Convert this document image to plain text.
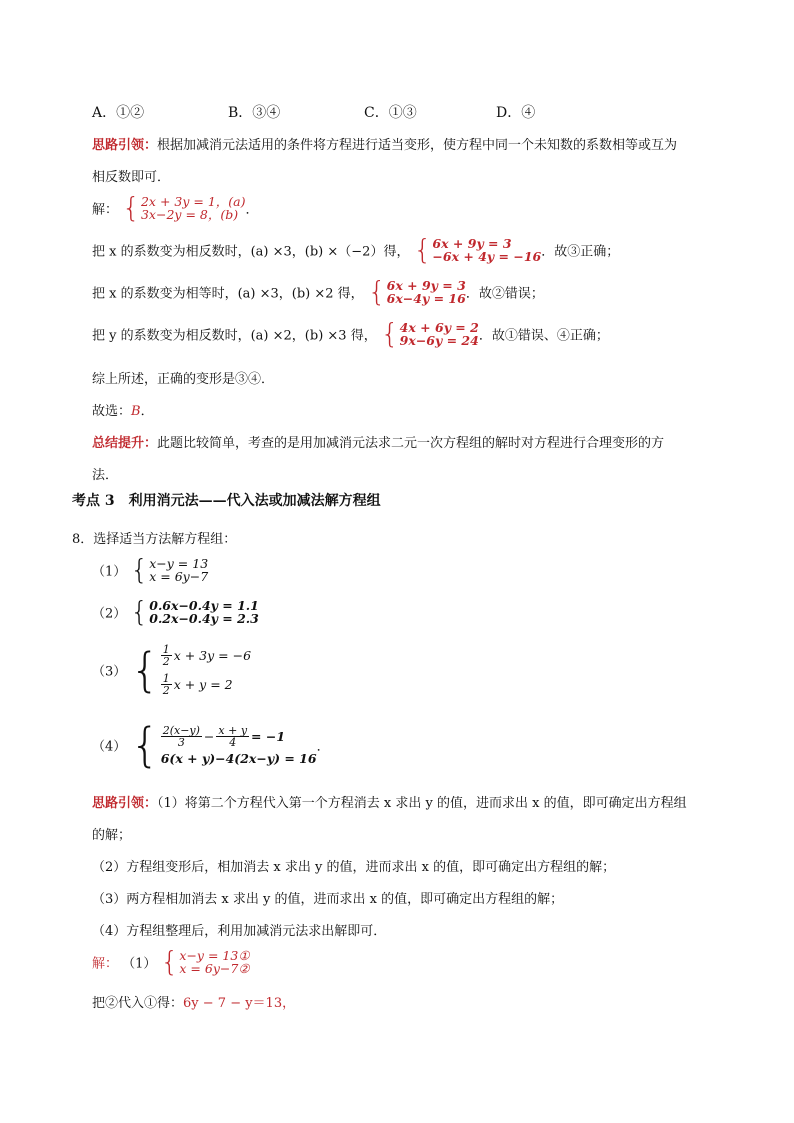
A．①②	B．③④	C．①③	D．④
思路引领：根据加减消元法适用的条件将方程进行适当变形，使方程中同一个未知数的系数相等或互为
相反数即可．
解： { 2x + 3y = 1，(a)
3x−2y = 8，(b) ．
把 x 的系数变为相反数时，(a) ×3，(b) ×（−2）得， { 6x + 9y = 3
−6x + 4y = −16 ．故③正确；
把 x 的系数变为相等时，(a) ×3，(b) ×2 得， { 6x + 9y = 3
6x−4y = 16 ．故②错误；
把 y 的系数变为相反数时，(a) ×2，(b) ×3 得， { 4x + 6y = 2
9x−6y = 24 ．故①错误、④正确；
综上所述，正确的变形是③④．
故选：B．
总结提升：此题比较简单，考查的是用加减消元法求二元一次方程组的解时对方程进行合理变形的方
法．
考点 3　利用消元法——代入法或加减法解方程组
8．选择适当方法解方程组：
（1） { x−y = 13
x = 6y−7
（2） { 0.6x−0.4y = 1.1
0.2x−0.4y = 2.3
（3） { $\frac{1}{2}$ x + 3y = −6
$\frac{1}{2}$ x + y = 2
（4） { $\frac{2(x-y)}{3} - \frac{x + y}{4} = -1$
6(x + y)−4(2x−y) = 16
．
思路引领：（1）将第二个方程代入第一个方程消去 x 求出 y 的值，进而求出 x 的值，即可确定出方程组
的解；
（2）方程组变形后，相加消去 x 求出 y 的值，进而求出 x 的值，即可确定出方程组的解；
（3）两方程相加消去 x 求出 y 的值，进而求出 x 的值，即可确定出方程组的解；
（4）方程组整理后，利用加减消元法求出解即可．
解： （1） { x−y = 13①
x = 6y−7②
把②代入①得：6y − 7 − y＝13，
